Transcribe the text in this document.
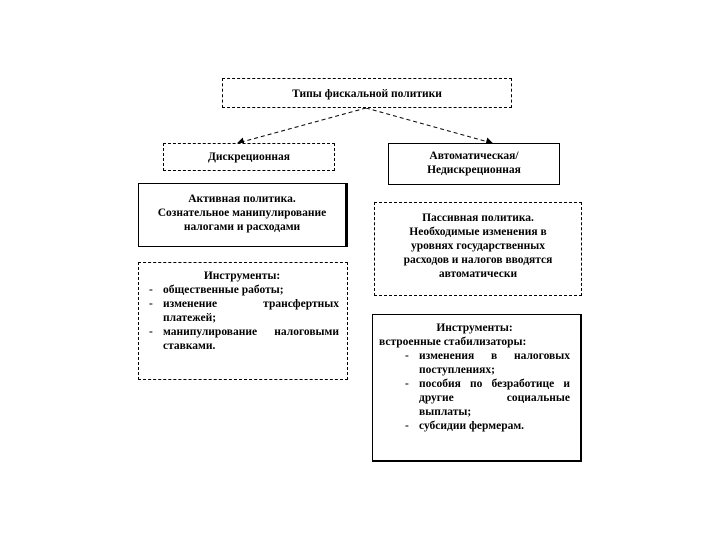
Типы фискальной политики
Дискреционная	Автоматическая/
Недискреционная
Активная политика.
Сознательное манипулирование
налогами и расходами
Пассивная политика.
Необходимые изменения в
уровнях государственных
расходов и налогов вводятся
автоматически
Инструменты:
- общественные работы;
- изменение трансфертных платежей;
- манипулирование налоговыми ставками.
Инструменты:
встроенные стабилизаторы:
- изменения в налоговых поступлениях;
- пособия по безработице и другие социальные выплаты;
- субсидии фермерам.
